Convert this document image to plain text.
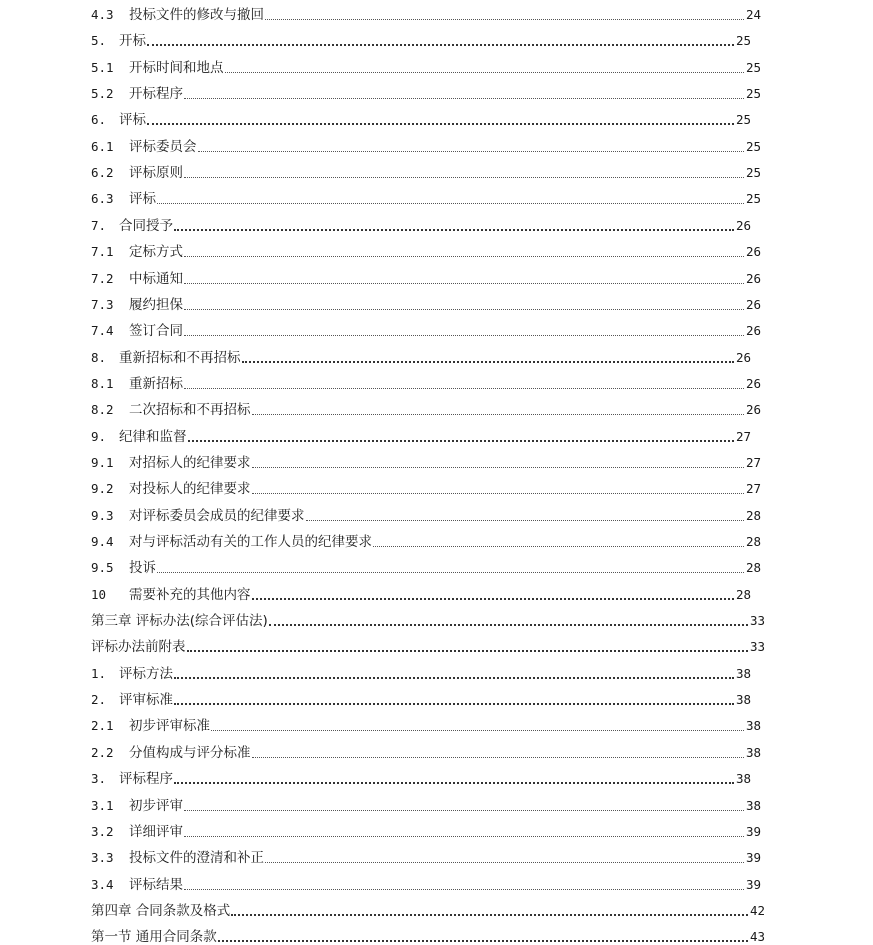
4.3	投标文件的修改与撤回	24
5. 开标	25
5.1	开标时间和地点	25
5.2	开标程序	25
6. 评标	25
6.1	评标委员会	25
6.2	评标原则	25
6.3	评标	25
7. 合同授予	26
7.1	定标方式	26
7.2	中标通知	26
7.3	履约担保	26
7.4	签订合同	26
8. 重新招标和不再招标	26
8.1	重新招标	26
8.2	二次招标和不再招标	26
9. 纪律和监督	27
9.1	对招标人的纪律要求	27
9.2	对投标人的纪律要求	27
9.3	对评标委员会成员的纪律要求	28
9.4	对与评标活动有关的工作人员的纪律要求	28
9.5	投诉	28
10	需要补充的其他内容	28
第三章 评标办法(综合评估法)	33
评标办法前附表	33
1. 评标方法	38
2. 评审标准	38
2.1	初步评审标准	38
2.2	分值构成与评分标准	38
3. 评标程序	38
3.1	初步评审	38
3.2	详细评审	39
3.3	投标文件的澄清和补正	39
3.4	评标结果	39
第四章 合同条款及格式	42
第一节 通用合同条款	43
